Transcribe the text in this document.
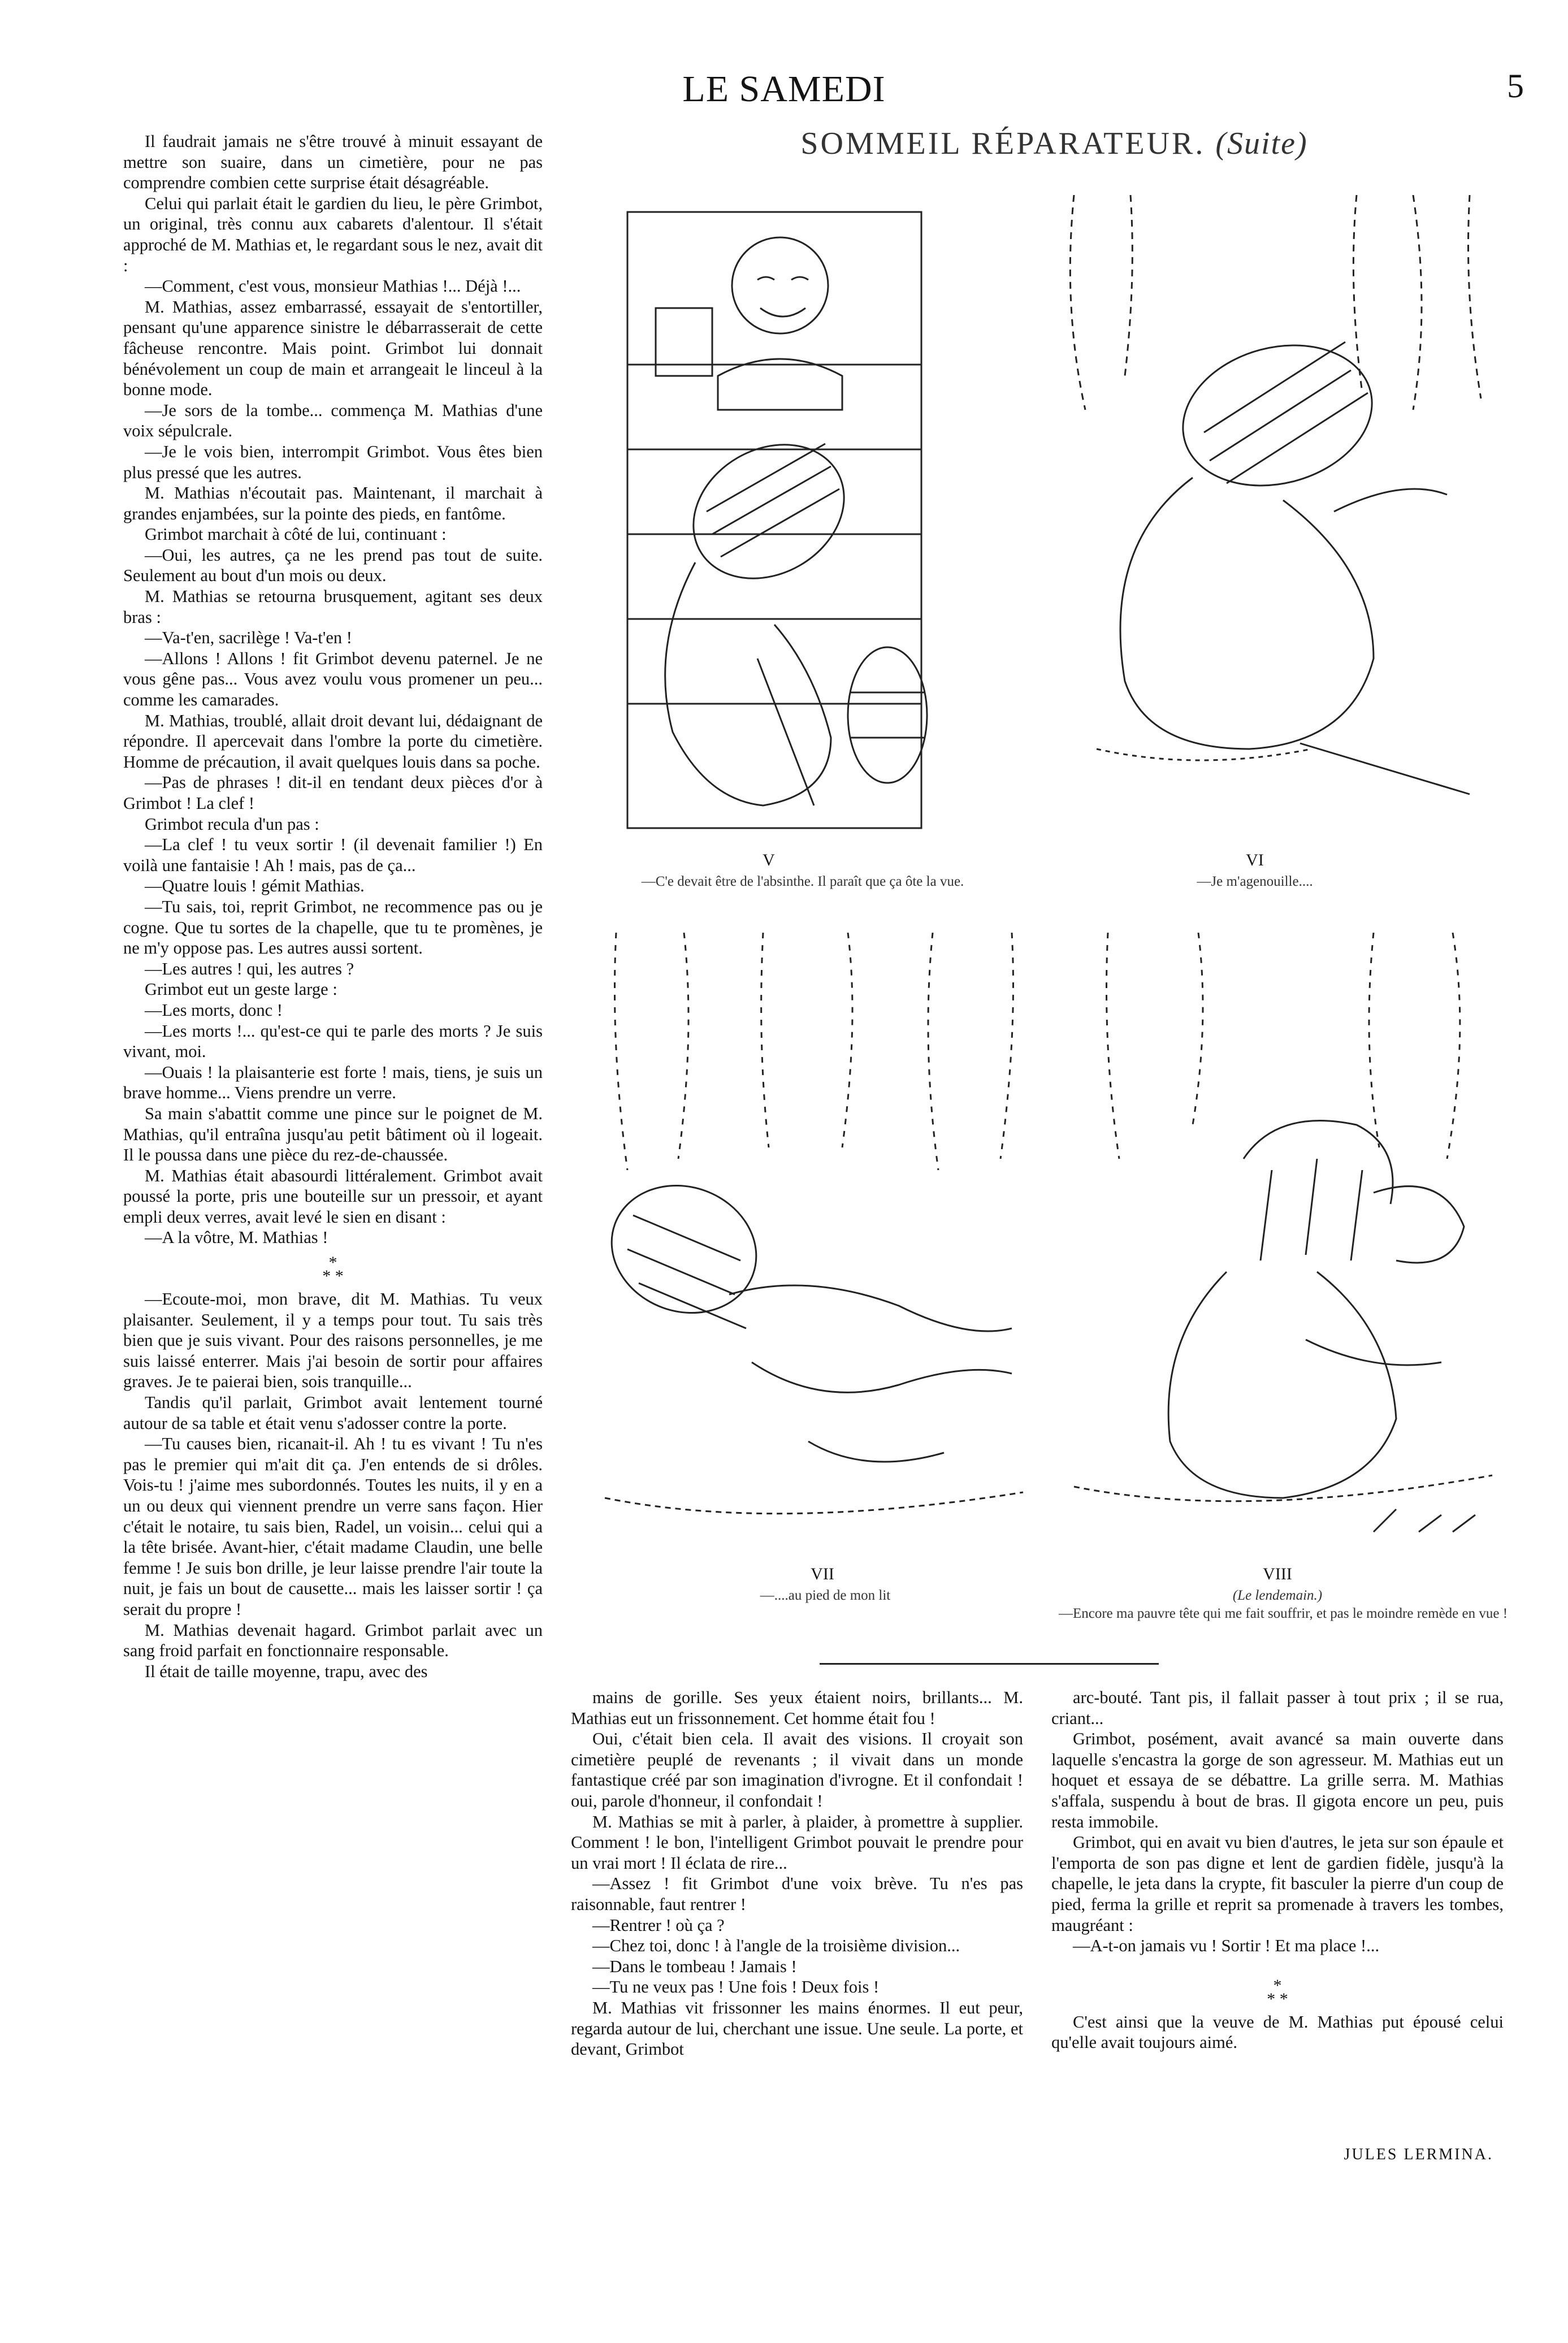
LE SAMEDI	5
SOMMEIL RÉPARATEUR. (Suite)
V
—C'e devait être de l'absinthe. Il paraît que ça ôte la vue.
VI
—Je m'agenouille....
VII
—....au pied de mon lit
VIII
(Le lendemain.)
—Encore ma pauvre tête qui me fait souffrir, et pas le moindre remède en vue !

Il faudrait jamais ne s'être trouvé à minuit essayant de mettre son suaire, dans un cimetière, pour ne pas comprendre combien cette surprise était désagréable.

Celui qui parlait était le gardien du lieu, le père Grimbot, un original, très connu aux cabarets d'alentour. Il s'était approché de M. Mathias et, le regardant sous le nez, avait dit :

—Comment, c'est vous, monsieur Mathias !... Déjà !...

M. Mathias, assez embarrassé, essayait de s'entortiller, pensant qu'une apparence sinistre le débarrasserait de cette fâcheuse rencontre. Mais point. Grimbot lui donnait bénévolement un coup de main et arrangeait le linceul à la bonne mode.

—Je sors de la tombe... commença M. Mathias d'une voix sépulcrale.

—Je le vois bien, interrompit Grimbot. Vous êtes bien plus pressé que les autres.

M. Mathias n'écoutait pas. Maintenant, il marchait à grandes enjambées, sur la pointe des pieds, en fantôme.

Grimbot marchait à côté de lui, continuant :

—Oui, les autres, ça ne les prend pas tout de suite. Seulement au bout d'un mois ou deux.

M. Mathias se retourna brusquement, agitant ses deux bras :

—Va-t'en, sacrilège ! Va-t'en !

—Allons ! Allons ! fit Grimbot devenu paternel. Je ne vous gêne pas... Vous avez voulu vous promener un peu... comme les camarades.

M. Mathias, troublé, allait droit devant lui, dédaignant de répondre. Il apercevait dans l'ombre la porte du cimetière. Homme de précaution, il avait quelques louis dans sa poche.

—Pas de phrases ! dit-il en tendant deux pièces d'or à Grimbot ! La clef !

Grimbot recula d'un pas :

—La clef ! tu veux sortir ! (il devenait familier !) En voilà une fantaisie ! Ah ! mais, pas de ça...

—Quatre louis ! gémit Mathias.

—Tu sais, toi, reprit Grimbot, ne recommence pas ou je cogne. Que tu sortes de la chapelle, que tu te promènes, je ne m'y oppose pas. Les autres aussi sortent.

—Les autres ! qui, les autres ?

Grimbot eut un geste large :

—Les morts, donc !

—Les morts !... qu'est-ce qui te parle des morts ? Je suis vivant, moi.

—Ouais ! la plaisanterie est forte ! mais, tiens, je suis un brave homme... Viens prendre un verre.

Sa main s'abattit comme une pince sur le poignet de M. Mathias, qu'il entraîna jusqu'au petit bâtiment où il logeait. Il le poussa dans une pièce du rez-de-chaussée.

M. Mathias était abasourdi littéralement. Grimbot avait poussé la porte, pris une bouteille sur un pressoir, et ayant empli deux verres, avait levé le sien en disant :

—A la vôtre, M. Mathias !

*
* *

—Ecoute-moi, mon brave, dit M. Mathias. Tu veux plaisanter. Seulement, il y a temps pour tout. Tu sais très bien que je suis vivant. Pour des raisons personnelles, je me suis laissé enterrer. Mais j'ai besoin de sortir pour affaires graves. Je te paierai bien, sois tranquille...

Tandis qu'il parlait, Grimbot avait lentement tourné autour de sa table et était venu s'adosser contre la porte.

—Tu causes bien, ricanait-il. Ah ! tu es vivant ! Tu n'es pas le premier qui m'ait dit ça. J'en entends de si drôles. Vois-tu ! j'aime mes subordonnés. Toutes les nuits, il y en a un ou deux qui viennent prendre un verre sans façon. Hier c'était le notaire, tu sais bien, Radel, un voisin... celui qui a la tête brisée. Avant-hier, c'était madame Claudin, une belle femme ! Je suis bon drille, je leur laisse prendre l'air toute la nuit, je fais un bout de causette... mais les laisser sortir ! ça serait du propre !

M. Mathias devenait hagard. Grimbot parlait avec un sang froid parfait en fonctionnaire responsable.

Il était de taille moyenne, trapu, avec des

mains de gorille. Ses yeux étaient noirs, brillants... M. Mathias eut un frissonnement. Cet homme était fou !

Oui, c'était bien cela. Il avait des visions. Il croyait son cimetière peuplé de revenants ; il vivait dans un monde fantastique créé par son imagination d'ivrogne. Et il confondait ! oui, parole d'honneur, il confondait !

M. Mathias se mit à parler, à plaider, à promettre à supplier. Comment ! le bon, l'intelligent Grimbot pouvait le prendre pour un vrai mort ! Il éclata de rire...

—Assez ! fit Grimbot d'une voix brève. Tu n'es pas raisonnable, faut rentrer !

—Rentrer ! où ça ?

—Chez toi, donc ! à l'angle de la troisième division...

—Dans le tombeau ! Jamais !

—Tu ne veux pas ! Une fois ! Deux fois !

M. Mathias vit frissonner les mains énormes. Il eut peur, regarda autour de lui, cherchant une issue. Une seule. La porte, et devant, Grimbot

arc-bouté. Tant pis, il fallait passer à tout prix ; il se rua, criant...

Grimbot, posément, avait avancé sa main ouverte dans laquelle s'encastra la gorge de son agresseur. M. Mathias eut un hoquet et essaya de se débattre. La grille serra. M. Mathias s'affala, suspendu à bout de bras. Il gigota encore un peu, puis resta immobile.

Grimbot, qui en avait vu bien d'autres, le jeta sur son épaule et l'emporta de son pas digne et lent de gardien fidèle, jusqu'à la chapelle, le jeta dans la crypte, fit basculer la pierre d'un coup de pied, ferma la grille et reprit sa promenade à travers les tombes, maugréant :

—A-t-on jamais vu ! Sortir ! Et ma place !...

*
* *

C'est ainsi que la veuve de M. Mathias put épousé celui qu'elle avait toujours aimé.

JULES LERMINA.
